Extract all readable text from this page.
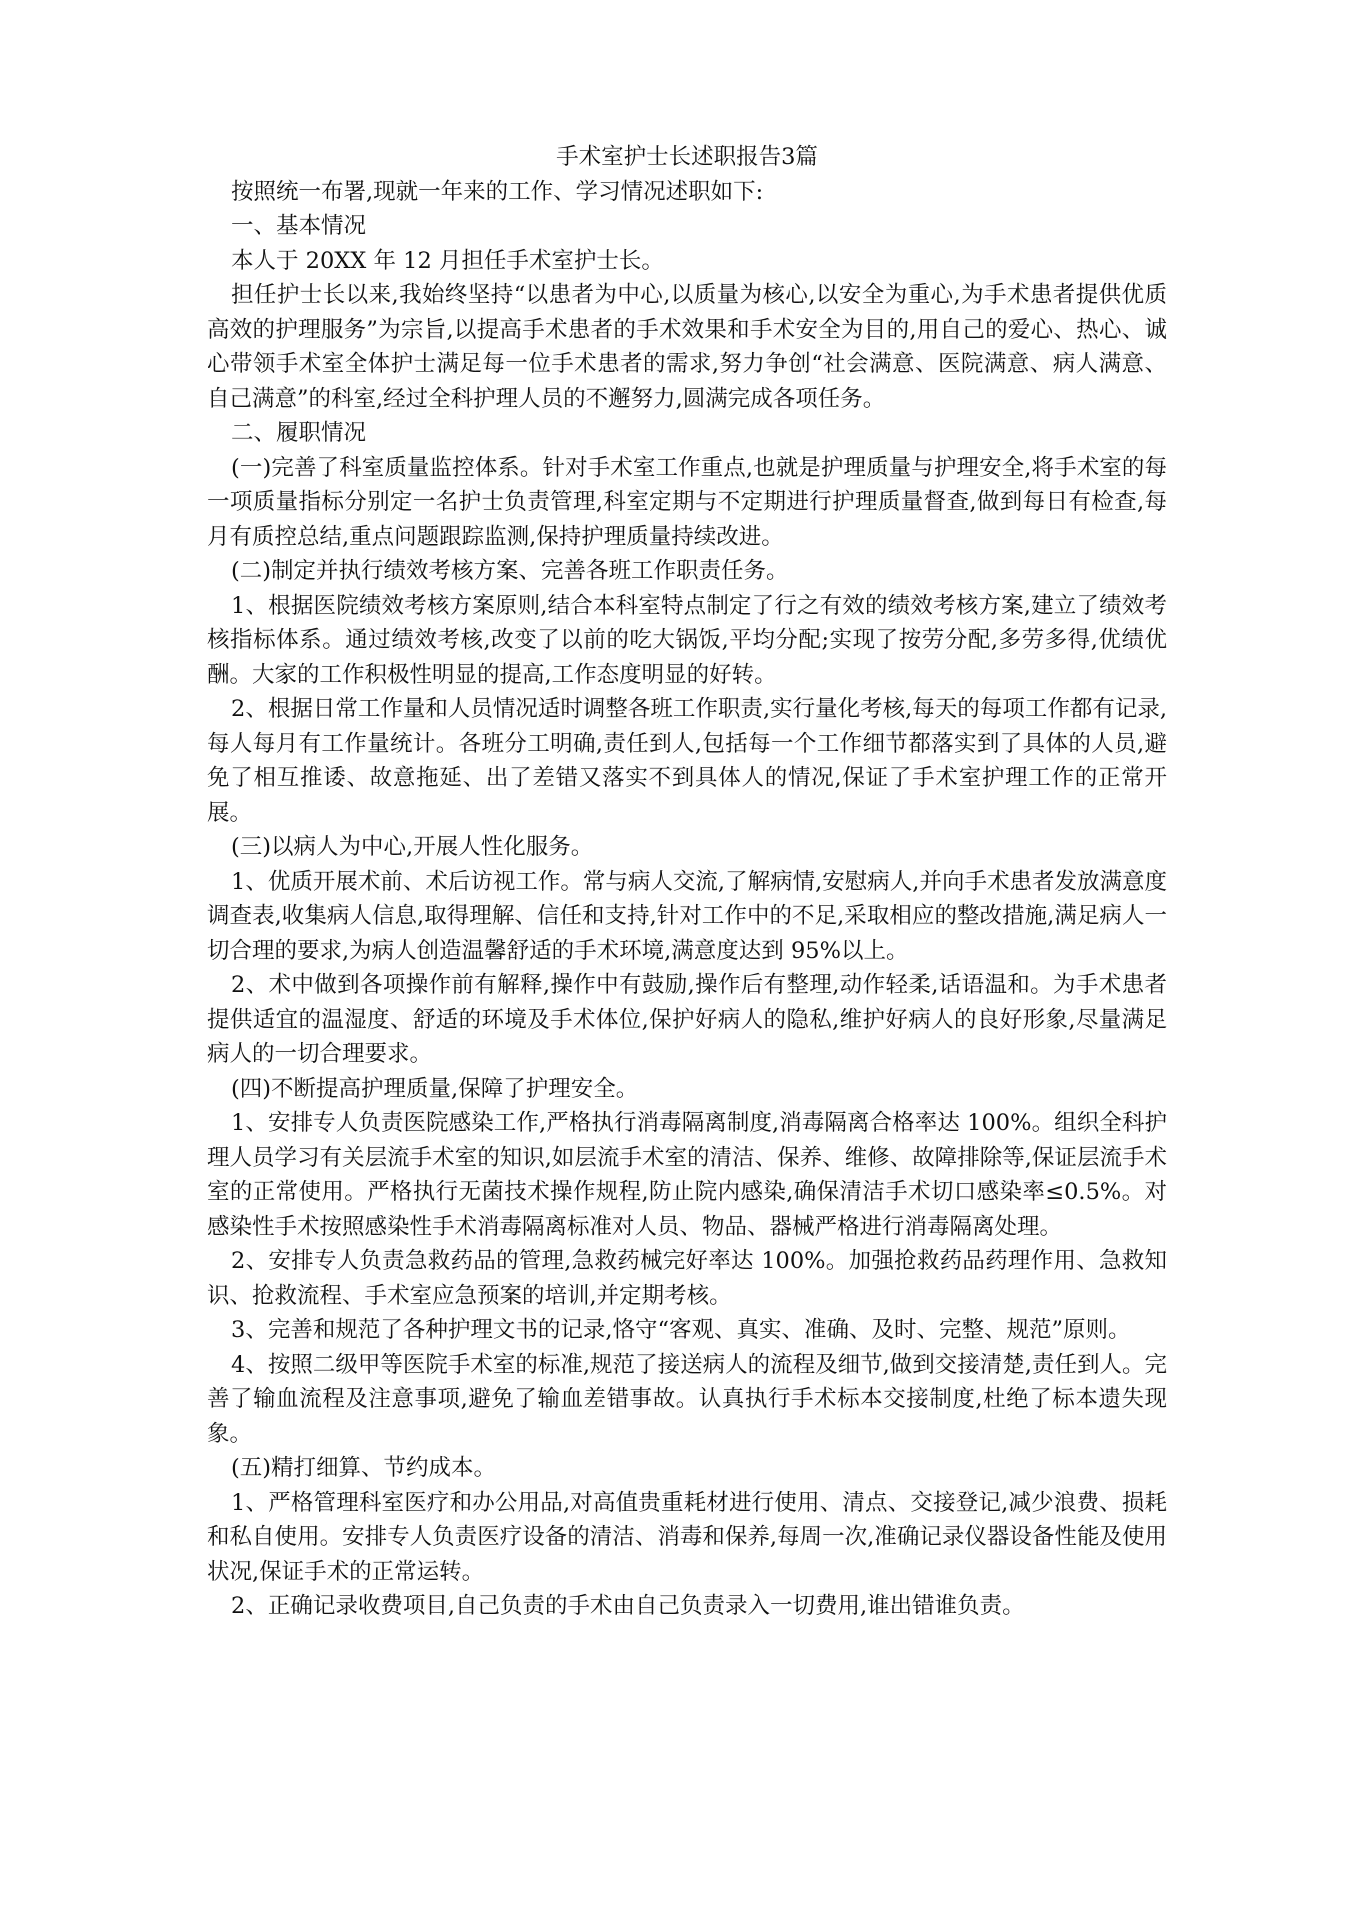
手术室护士长述职报告3篇

按照统一布署,现就一年来的工作、学习情况述职如下:

一、基本情况

本人于 20XX 年 12 月担任手术室护士长。

担任护士长以来,我始终坚持“以患者为中心,以质量为核心,以安全为重心,为手术患者提供优质高效的护理服务”为宗旨,以提高手术患者的手术效果和手术安全为目的,用自己的爱心、热心、诚心带领手术室全体护士满足每一位手术患者的需求,努力争创“社会满意、医院满意、病人满意、自己满意”的科室,经过全科护理人员的不邂努力,圆满完成各项任务。

二、履职情况

(一)完善了科室质量监控体系。针对手术室工作重点,也就是护理质量与护理安全,将手术室的每一项质量指标分别定一名护士负责管理,科室定期与不定期进行护理质量督查,做到每日有检查,每月有质控总结,重点问题跟踪监测,保持护理质量持续改进。

(二)制定并执行绩效考核方案、完善各班工作职责任务。

1、根据医院绩效考核方案原则,结合本科室特点制定了行之有效的绩效考核方案,建立了绩效考核指标体系。通过绩效考核,改变了以前的吃大锅饭,平均分配;实现了按劳分配,多劳多得,优绩优酬。大家的工作积极性明显的提高,工作态度明显的好转。

2、根据日常工作量和人员情况适时调整各班工作职责,实行量化考核,每天的每项工作都有记录,每人每月有工作量统计。各班分工明确,责任到人,包括每一个工作细节都落实到了具体的人员,避免了相互推诿、故意拖延、出了差错又落实不到具体人的情况,保证了手术室护理工作的正常开展。

(三)以病人为中心,开展人性化服务。

1、优质开展术前、术后访视工作。常与病人交流,了解病情,安慰病人,并向手术患者发放满意度调查表,收集病人信息,取得理解、信任和支持,针对工作中的不足,采取相应的整改措施,满足病人一切合理的要求,为病人创造温馨舒适的手术环境,满意度达到 95%以上。

2、术中做到各项操作前有解释,操作中有鼓励,操作后有整理,动作轻柔,话语温和。为手术患者提供适宜的温湿度、舒适的环境及手术体位,保护好病人的隐私,维护好病人的良好形象,尽量满足病人的一切合理要求。

(四)不断提高护理质量,保障了护理安全。

1、安排专人负责医院感染工作,严格执行消毒隔离制度,消毒隔离合格率达 100%。组织全科护理人员学习有关层流手术室的知识,如层流手术室的清洁、保养、维修、故障排除等,保证层流手术室的正常使用。严格执行无菌技术操作规程,防止院内感染,确保清洁手术切口感染率≤0.5%。对感染性手术按照感染性手术消毒隔离标准对人员、物品、器械严格进行消毒隔离处理。

2、安排专人负责急救药品的管理,急救药械完好率达 100%。加强抢救药品药理作用、急救知识、抢救流程、手术室应急预案的培训,并定期考核。

3、完善和规范了各种护理文书的记录,恪守“客观、真实、准确、及时、完整、规范”原则。

4、按照二级甲等医院手术室的标准,规范了接送病人的流程及细节,做到交接清楚,责任到人。完善了输血流程及注意事项,避免了输血差错事故。认真执行手术标本交接制度,杜绝了标本遗失现象。

(五)精打细算、节约成本。

1、严格管理科室医疗和办公用品,对高值贵重耗材进行使用、清点、交接登记,减少浪费、损耗和私自使用。安排专人负责医疗设备的清洁、消毒和保养,每周一次,准确记录仪器设备性能及使用状况,保证手术的正常运转。

2、正确记录收费项目,自己负责的手术由自己负责录入一切费用,谁出错谁负责。
